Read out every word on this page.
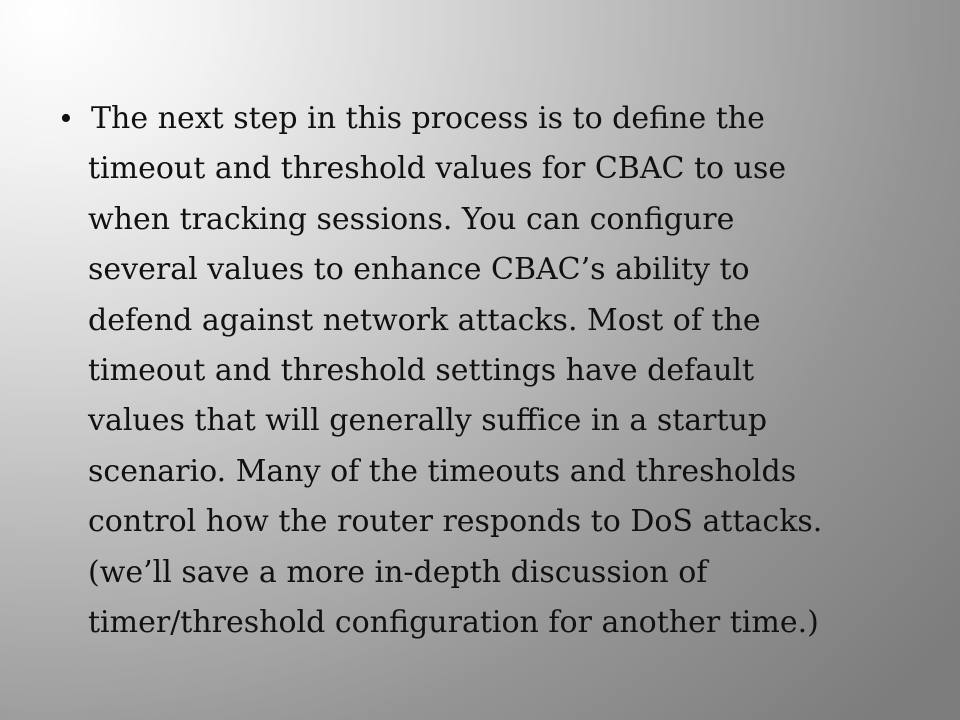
• The next step in this process is to define the
timeout and threshold values for CBAC to use
when tracking sessions. You can configure
several values to enhance CBAC’s ability to
defend against network attacks. Most of the
timeout and threshold settings have default
values that will generally suffice in a startup
scenario. Many of the timeouts and thresholds
control how the router responds to DoS attacks.
(we’ll save a more in-depth discussion of
timer/threshold configuration for another time.)
